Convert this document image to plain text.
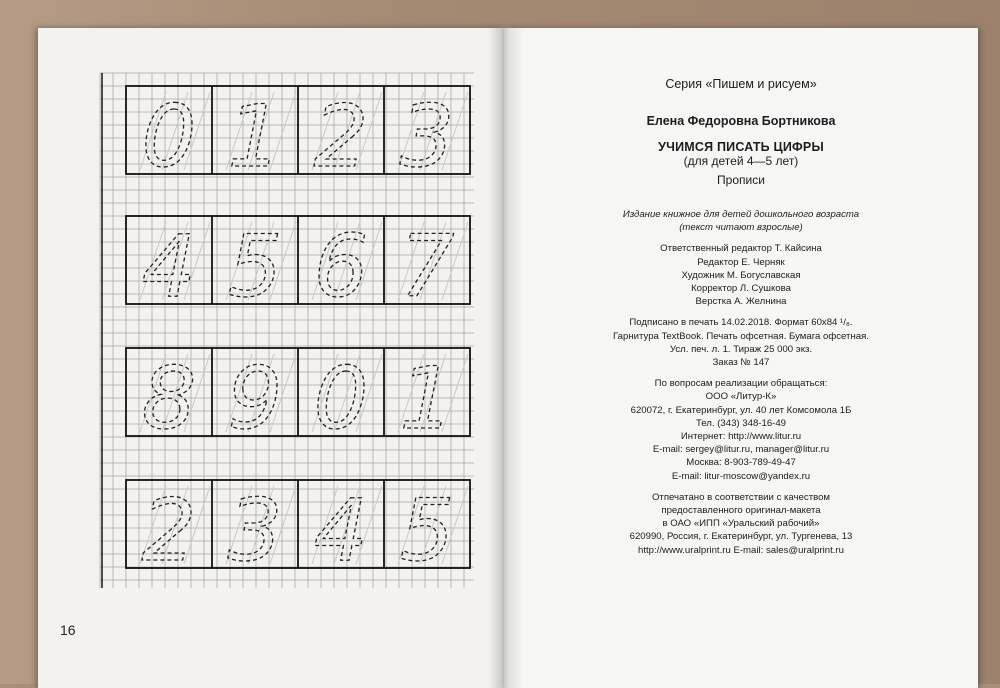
0 1 2 3
4 5 6 7
8 9 0 1
2 3 4 5
16
Серия «Пишем и рисуем»
Елена Федоровна Бортникова
УЧИМСЯ ПИСАТЬ ЦИФРЫ
(для детей 4—5 лет)
Прописи
Издание книжное для детей дошкольного возраста
(текст читают взрослые)
Ответственный редактор Т. Кайсина
Редактор Е. Черняк
Художник М. Богуславская
Корректор Л. Сушкова
Верстка А. Желнина
Подписано в печать 14.02.2018. Формат 60х84 ¹/₈.
Гарнитура TextBook. Печать офсетная. Бумага офсетная.
Усл. печ. л. 1. Тираж 25 000 экз.
Заказ № 147
По вопросам реализации обращаться:
ООО «Литур-К»
620072, г. Екатеринбург, ул. 40 лет Комсомола 1Б
Тел. (343) 348-16-49
Интернет: http://www.litur.ru
E-mail: sergey@litur.ru, manager@litur.ru
Москва: 8-903-789-49-47
E-mail: litur-moscow@yandex.ru
Отпечатано в соответствии с качеством
предоставленного оригинал-макета
в ОАО «ИПП «Уральский рабочий»
620990, Россия, г. Екатеринбург, ул. Тургенева, 13
http://www.uralprint.ru E-mail: sales@uralprint.ru
